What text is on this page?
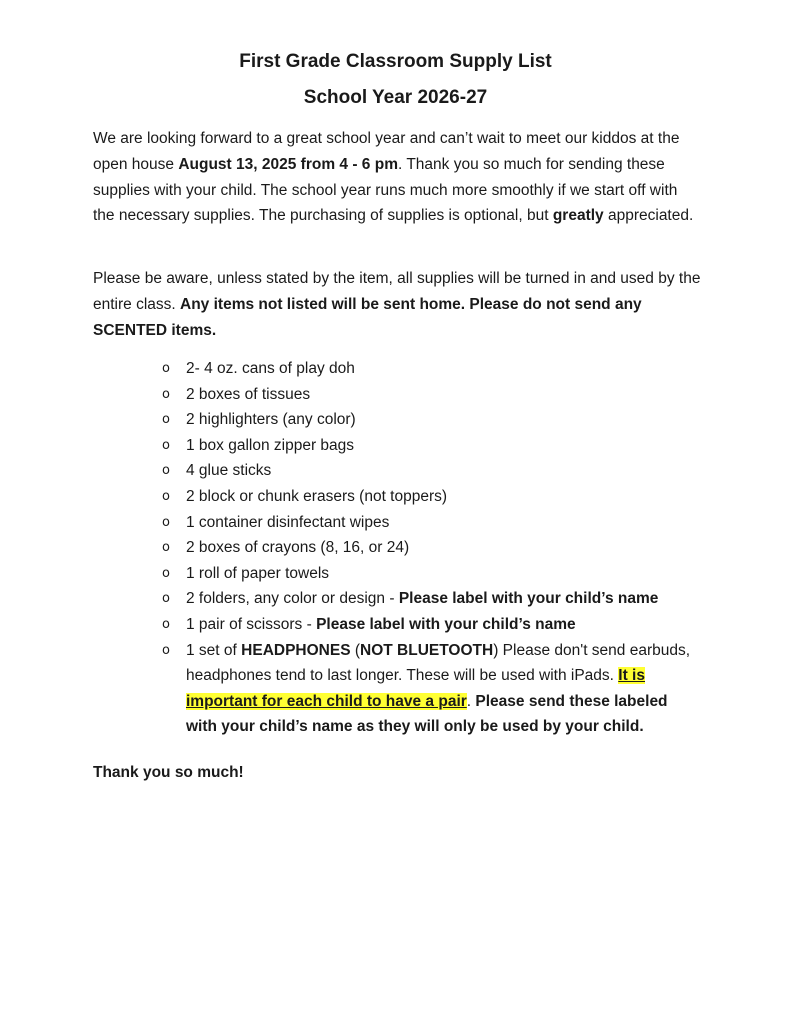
First Grade Classroom Supply List
School Year 2026-27

We are looking forward to a great school year and can’t wait to meet our kiddos at the open house August 13, 2025 from 4 - 6 pm. Thank you so much for sending these supplies with your child. The school year runs much more smoothly if we start off with the necessary supplies. The purchasing of supplies is optional, but greatly appreciated.

Please be aware, unless stated by the item, all supplies will be turned in and used by the entire class. Any items not listed will be sent home. Please do not send any SCENTED items.

o 2- 4 oz. cans of play doh
o 2 boxes of tissues
o 2 highlighters (any color)
o 1 box gallon zipper bags
o 4 glue sticks
o 2 block or chunk erasers (not toppers)
o 1 container disinfectant wipes
o 2 boxes of crayons (8, 16, or 24)
o 1 roll of paper towels
o 2 folders, any color or design - Please label with your child’s name
o 1 pair of scissors - Please label with your child’s name
o 1 set of HEADPHONES (NOT BLUETOOTH) Please don't send earbuds, headphones tend to last longer. These will be used with iPads. It is important for each child to have a pair. Please send these labeled with your child’s name as they will only be used by your child.

Thank you so much!
